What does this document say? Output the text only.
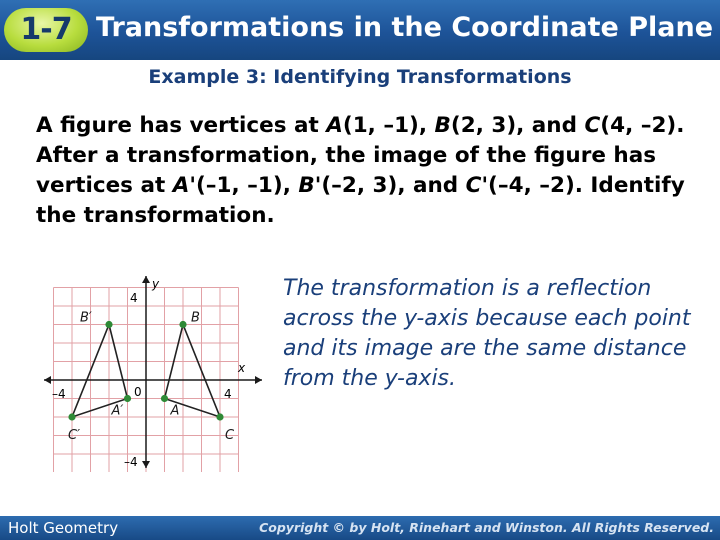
1-7 Transformations in the Coordinate Plane
Example 3: Identifying Transformations
A figure has vertices at A(1, –1), B(2, 3), and C(4, –2). After a transformation, the image of the figure has vertices at A'(–1, –1), B'(–2, 3), and C'(–4, –2). Identify the transformation.
x
y
–4	4
4
–4
0
A
B
C
A′
B′
C′
The transformation is a reflection across the y-axis because each point and its image are the same distance from the y-axis.
Holt Geometry	Copyright © by Holt, Rinehart and Winston. All Rights Reserved.
